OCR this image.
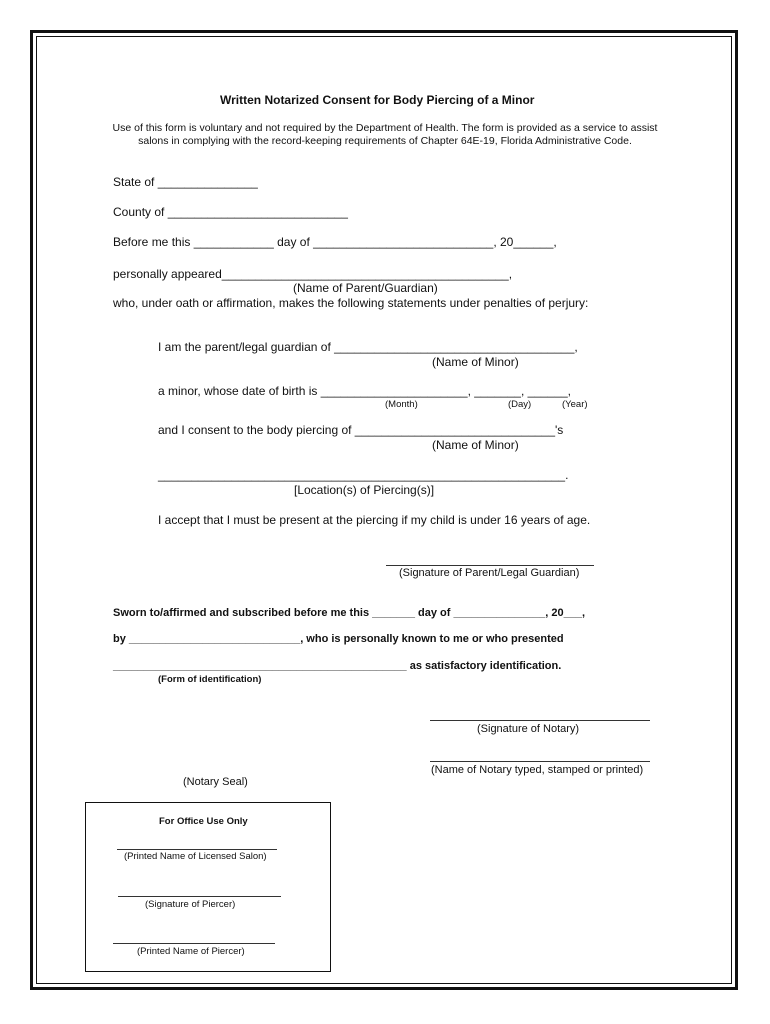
Written Notarized Consent for Body Piercing of a Minor
Use of this form is voluntary and not required by the Department of Health. The form is provided as a service to assist salons in complying with the record-keeping requirements of Chapter 64E-19, Florida Administrative Code.
State of _______________
County of ___________________________
Before me this ____________ day of ___________________________, 20______,
personally appeared___________________________________________,
(Name of Parent/Guardian)
who, under oath or affirmation, makes the following statements under penalties of perjury:
I am the parent/legal guardian of ____________________________________,
(Name of Minor)
a minor, whose date of birth is ______________________, _______, ______,
(Month)	(Day)	(Year)
and I consent to the body piercing of ______________________________'s
(Name of Minor)
_____________________________________________________________.
[Location(s) of Piercing(s)]
I accept that I must be present at the piercing if my child is under 16 years of age.
(Signature of Parent/Legal Guardian)
Sworn to/affirmed and subscribed before me this _______ day of _______________, 20___,
by ____________________________, who is personally known to me or who presented
________________________________________________ as satisfactory identification.
(Form of identification)
(Signature of Notary)
(Name of Notary typed, stamped or printed)
(Notary Seal)
For Office Use Only
(Printed Name of Licensed Salon)
(Signature of Piercer)
(Printed Name of Piercer)
